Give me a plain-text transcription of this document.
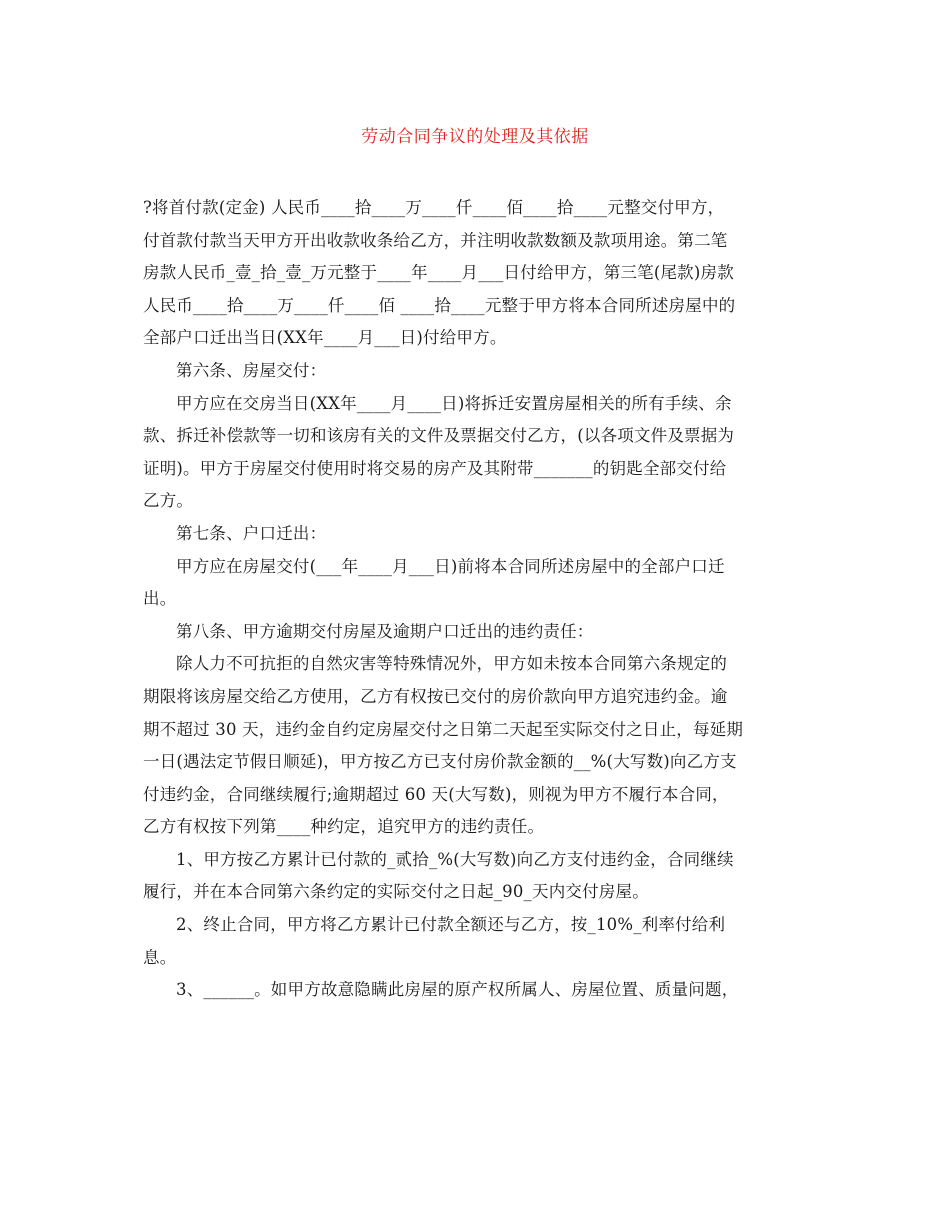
劳动合同争议的处理及其依据
?将首付款(定金) 人民币____拾____万____仟____佰____拾____元整交付甲方，
付首款付款当天甲方开出收款收条给乙方，并注明收款数额及款项用途。第二笔
房款人民币_壹_拾_壹_万元整于____年____月___日付给甲方，第三笔(尾款)房款
人民币____拾____万____仟____佰 ____拾____元整于甲方将本合同所述房屋中的
全部户口迁出当日(XX年____月___日)付给甲方。
第六条、房屋交付：
甲方应在交房当日(XX年____月____日)将拆迁安置房屋相关的所有手续、余
款、拆迁补偿款等一切和该房有关的文件及票据交付乙方，(以各项文件及票据为
证明)。甲方于房屋交付使用时将交易的房产及其附带_______的钥匙全部交付给
乙方。
第七条、户口迁出：
甲方应在房屋交付(___年____月___日)前将本合同所述房屋中的全部户口迁
出。
第八条、甲方逾期交付房屋及逾期户口迁出的违约责任：
除人力不可抗拒的自然灾害等特殊情况外，甲方如未按本合同第六条规定的
期限将该房屋交给乙方使用，乙方有权按已交付的房价款向甲方追究违约金。逾
期不超过 30 天，违约金自约定房屋交付之日第二天起至实际交付之日止，每延期
一日(遇法定节假日顺延)，甲方按乙方已支付房价款金额的__%(大写数)向乙方支
付违约金，合同继续履行;逾期超过 60 天(大写数)，则视为甲方不履行本合同，
乙方有权按下列第____种约定，追究甲方的违约责任。
1、甲方按乙方累计已付款的_贰拾_%(大写数)向乙方支付违约金，合同继续
履行，并在本合同第六条约定的实际交付之日起_90_天内交付房屋。
2、终止合同，甲方将乙方累计已付款全额还与乙方，按_10%_利率付给利
息。
3、______。如甲方故意隐瞒此房屋的原产权所属人、房屋位置、质量问题，
